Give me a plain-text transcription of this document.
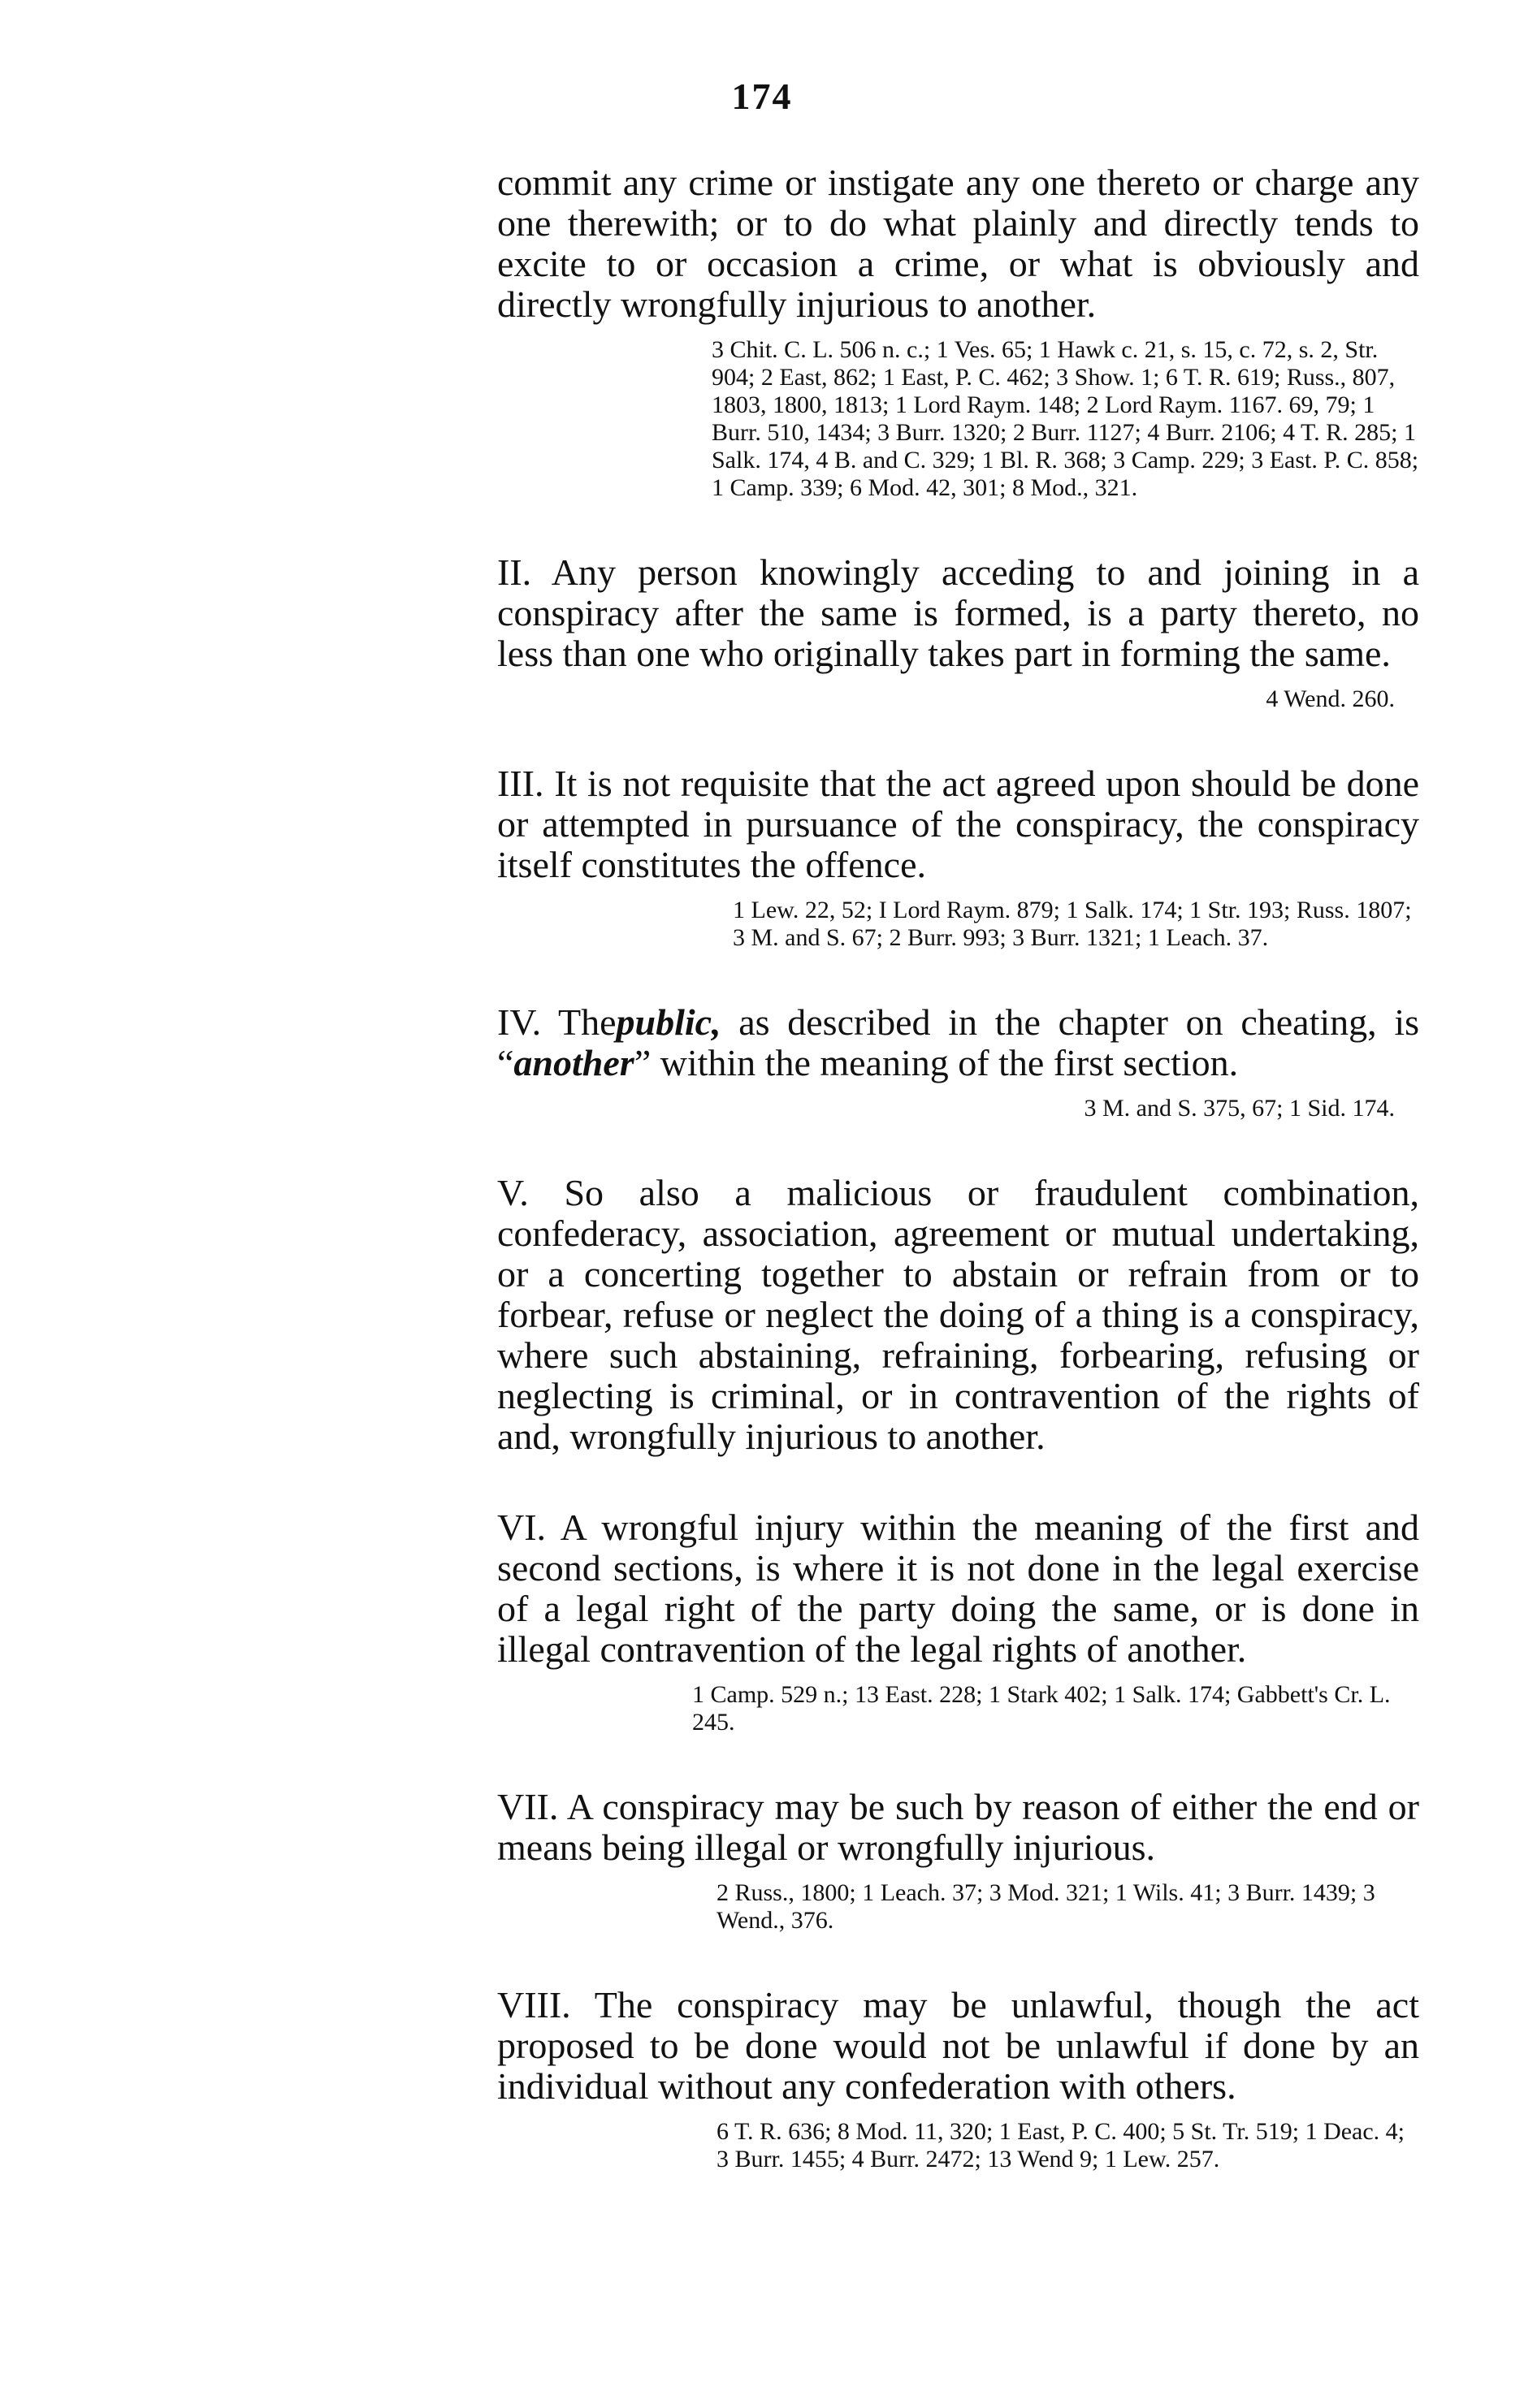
174

commit any crime or instigate any one thereto or charge any one therewith; or to do what plainly and directly tends to excite to or occasion a crime, or what is obviously and directly wrongfully injurious to another.

3 Chit. C. L. 506 n. c.; 1 Ves. 65; 1 Hawk c. 21, s. 15, c. 72, s. 2, Str. 904; 2 East, 862; 1 East, P. C. 462; 3 Show. 1; 6 T. R. 619; Russ., 807, 1803, 1800, 1813; 1 Lord Raym. 148; 2 Lord Raym. 1167. 69, 79; 1 Burr. 510, 1434; 3 Burr. 1320; 2 Burr. 1127; 4 Burr. 2106; 4 T. R. 285; 1 Salk. 174, 4 B. and C. 329; 1 Bl. R. 368; 3 Camp. 229; 3 East. P. C. 858; 1 Camp. 339; 6 Mod. 42, 301; 8 Mod., 321.

II. Any person knowingly acceding to and joining in a conspiracy after the same is formed, is a party thereto, no less than one who originally takes part in forming the same.

4 Wend. 260.

III. It is not requisite that the act agreed upon should be done or attempted in pursuance of the conspiracy, the conspiracy itself constitutes the offence.

1 Lew. 22, 52; I Lord Raym. 879; 1 Salk. 174; 1 Str. 193; Russ. 1807; 3 M. and S. 67; 2 Burr. 993; 3 Burr. 1321; 1 Leach. 37.

IV. Thepublic, as described in the chapter on cheating, is “another” within the meaning of the first section.

3 M. and S. 375, 67; 1 Sid. 174.

V. So also a malicious or fraudulent combination, confederacy, association, agreement or mutual undertaking, or a concerting together to abstain or refrain from or to forbear, refuse or neglect the doing of a thing is a conspiracy, where such abstaining, refraining, forbearing, refusing or neglecting is criminal, or in contravention of the rights of and, wrongfully injurious to another.

VI. A wrongful injury within the meaning of the first and second sections, is where it is not done in the legal exercise of a legal right of the party doing the same, or is done in illegal contravention of the legal rights of another.

1 Camp. 529 n.; 13 East. 228; 1 Stark 402; 1 Salk. 174; Gabbett's Cr. L. 245.

VII. A conspiracy may be such by reason of either the end or means being illegal or wrongfully injurious.

2 Russ., 1800; 1 Leach. 37; 3 Mod. 321; 1 Wils. 41; 3 Burr. 1439; 3 Wend., 376.

VIII. The conspiracy may be unlawful, though the act proposed to be done would not be unlawful if done by an individual without any confederation with others.

6 T. R. 636; 8 Mod. 11, 320; 1 East, P. C. 400; 5 St. Tr. 519; 1 Deac. 4; 3 Burr. 1455; 4 Burr. 2472; 13 Wend 9; 1 Lew. 257.
